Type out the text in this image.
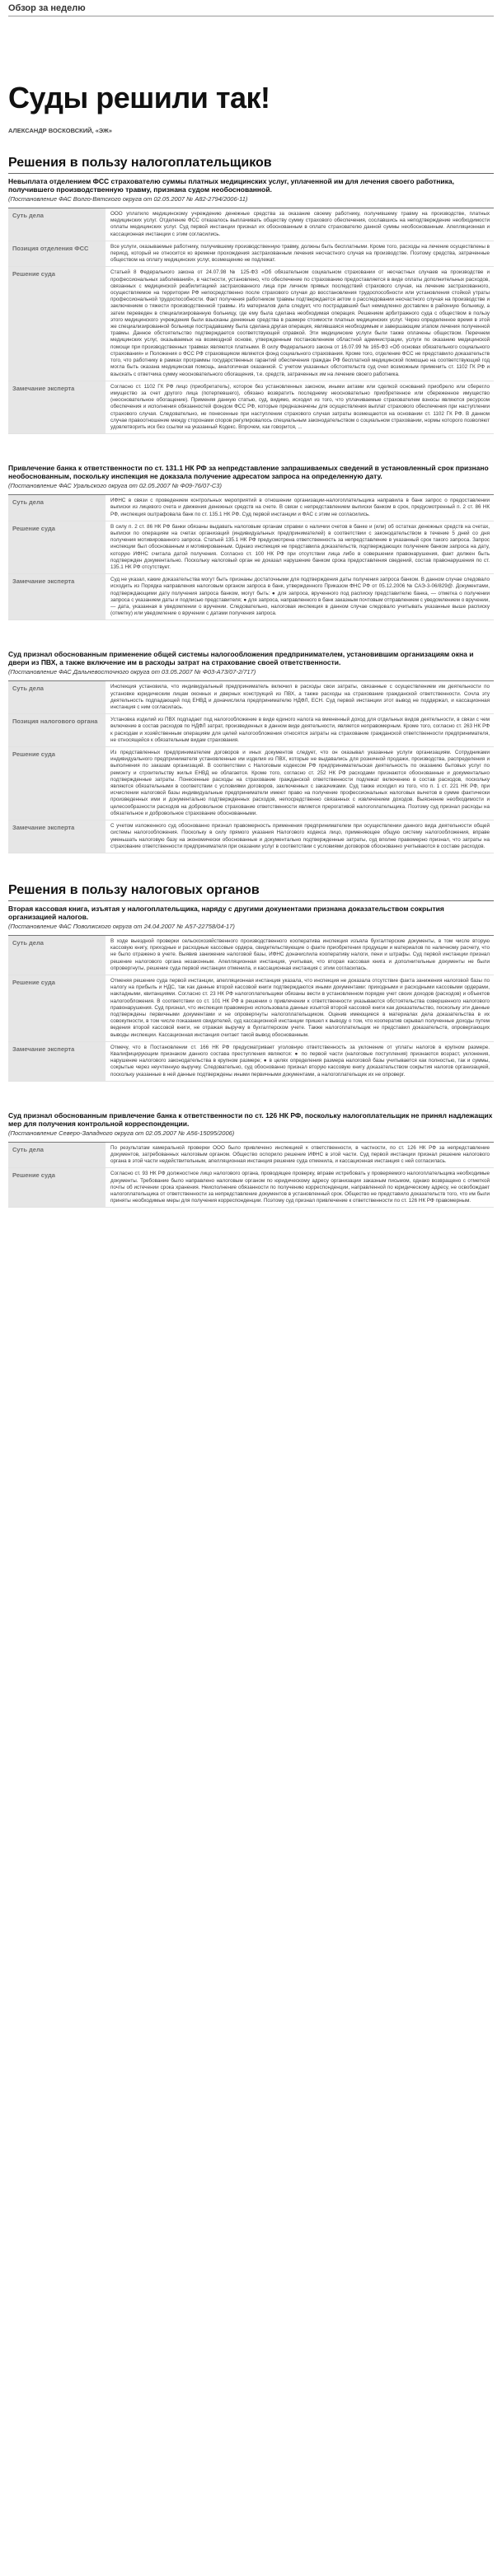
Обзор за неделю
Суды решили так!
АЛЕКСАНДР ВОСКОВСКИЙ, «ЭЖ»
Решения в пользу налогоплательщиков
Невыплата отделением ФСС страхователю суммы платных медицинских услуг, уплаченной им для лечения своего работника, получившего производственную травму, признана судом необоснованной.
(Постановление ФАС Волго-Вятского округа от 02.05.2007 № А82-2794/2006-11)
Суть дела	ООО уплатило медицинскому учреждению денежные средства за оказание своему работнику, получившему травму на производстве, платных медицинских услуг. Отделение ФСС отказалось выплачивать обществу сумму страхового обеспечения, сославшись на неподтверждение необходимости оплаты медицинских услуг. Суд первой инстанции признал их обоснованным в оплате страхователю данной суммы необоснованным. Апелляционная и кассационная инстанции с этим согласились.
Позиция отделения ФСС	Все услуги, оказываемые работнику, получившему производственную травму, должны быть бесплатными. Кроме того, расходы на лечение осуществлены в период, который не относится ко времени прохождения застрахованным лечения несчастного случая на производстве. Поэтому средства, затраченные обществом на оплату медицинских услуг, возмещению не подлежат.
Решение суда	Статьей 8 Федерального закона от 24.07.98 № 125-ФЗ «Об обязательном социальном страховании от несчастных случаев на производстве и профессиональных заболеваний», в частности, установлено, что обеспечение по страхованию предоставляется в виде оплаты дополнительных расходов, связанных с медицинской реабилитацией застрахованного лица при личном прямых последствий страхового случая, на лечение застрахованного, осуществляемое на территории РФ непосредственно после страхового случая до восстановления трудоспособности или установления стойкой утраты профессиональной трудоспособности. Факт получения работником травмы подтверждается актом о расследовании несчастного случая на производстве и заключением о тяжести производственной травмы. Из материалов дела следует, что пострадавший был немедленно доставлен в районную больницу, а затем переведен в специализированную больницу, где ему была сделана необходимая операция. Решением арбитражного суда с обществом в пользу этого медицинского учреждения были взысканы денежные средства в размере стоимости платных медицинских услуг. Через определенное время в этой же специализированной больнице пострадавшему была сделана другая операция, являвшаяся необходимым и завершающим этапом лечения полученной травмы. Данное обстоятельство подтверждается соответствующей справкой. Эти медицинские услуги были также оплачены обществом. Перечнем медицинских услуг, оказываемых на возмездной основе, утвержденным постановлением областной администрации, услуги по оказанию медицинской помощи при производственных травмах являются платными. В силу Федерального закона от 16.07.99 № 165-ФЗ «Об основах обязательного социального страхования» и Положения о ФСС РФ страховщиком являются фонд социального страхования. Кроме того, отделение ФСС не представило доказательств того, что работнику в рамках программы государственных гарантий обеспечения граждан РФ бесплатной медицинской помощью на соответствующий год могла быть оказана медицинская помощь, аналогичная оказанной. С учетом указанных обстоятельств суд счел возможным применить ст. 1102 ГК РФ и взыскать с ответчика сумму неосновательного обогащения, т.е. средств, затраченных им на лечение своего работника.
Замечание эксперта	Согласно ст. 1102 ГК РФ лицо (приобретатель), которое без установленных законом, иными актами или сделкой оснований приобрело или сберегло имущество за счет другого лица (потерпевшего), обязано возвратить последнему неосновательно приобретенное или сбереженное имущество (неосновательное обогащение). Применяя данную статью, суд, видимо, исходил из того, что уплачиваемые страхователем взносы являются ресурсом обеспечения и исполнения обязанностей фондом ФСС РФ, которые предназначены для осуществления выплат страхового обеспечения при наступлении страхового случая. Следовательно, не понесенные при наступлении страхового случая затраты возмещаются на основании ст. 1102 ГК РФ. В данном случае правоотношение между сторонами споров регулировалось специальным законодательством о социальном страховании, нормы которого позволяют удовлетворить иск без ссылки на указанный Кодекс. Впрочем, как говорится, ...
Привлечение банка к ответственности по ст. 131.1 НК РФ за непредставление запрашиваемых сведений в установленный срок признано необоснованным, поскольку инспекция не доказала получение адресатом запроса на определенную дату.
(Постановление ФАС Уральского округа от 02.05.2007 № Ф09-76/07-С3)
Суть дела	ИФНС в связи с проведением контрольных мероприятий в отношении организации-налогоплательщика направила в банк запрос о предоставлении выписки из лицевого счета и движения денежных средств на счете. В связи с непредставлением выписки банком в срок, предусмотренный п. 2 ст. 86 НК РФ, инспекция оштрафовала банк по ст. 135.1 НК РФ. Суд первой инстанции и ФАС с этим не согласились.
Решение суда	В силу п. 2 ст. 86 НК РФ банки обязаны выдавать налоговым органам справки о наличии счетов в банке и (или) об остатках денежных средств на счетах, выписки по операциям на счетах организаций (индивидуальных предпринимателей) в соответствии с законодательством в течение 5 дней со дня получения мотивированного запроса. Статьей 135.1 НК РФ предусмотрена ответственность за непредставление в указанный срок такого запроса. Запрос инспекции был обоснованным и мотивированным. Однако инспекция не представила доказательств, подтверждающих получение банком запроса на дату, которую ИФНС считала датой получения. Согласно ст. 100 НК РФ при отсутствии лица либо в совершении правонарушения, факт должен быть подтвержден документально. Поскольку налоговый орган не доказал нарушение банком срока предоставления сведений, состав правонарушения по ст. 135.1 НК РФ отсутствует.
Замечание эксперта	Суд не указал, какие доказательства могут быть признаны достаточными для подтверждения даты получения запроса банком. В данном случае следовало исходить из Порядка направления налоговым органом запроса в банк, утвержденного Приказом ФНС РФ от 05.12.2006 № САЭ-3-06/829@. Документами, подтверждающими дату получения запроса банком, могут быть: ● для запроса, врученного под расписку представителю банка, — отметка о получении запроса с указанием даты и подписью представителя; ● для запроса, направленного в банк заказным почтовым отправлением с уведомлением о вручении, — дата, указанная в уведомлении о вручении. Следовательно, налоговая инспекция в данном случае следовало учитывать указанные выше расписку (отметку) или уведомление о вручении с датами получения запроса.
Суд признал обоснованным применение общей системы налогообложения предпринимателем, установившим организациям окна и двери из ПВХ, а также включение им в расходы затрат на страхование своей ответственности.
(Постановление ФАС Дальневосточного округа от 03.05.2007 № Ф03-А73/07-2/717)
Суть дела	Инспекция установила, что индивидуальный предприниматель включил в расходы свои затраты, связанные с осуществлением им деятельности по установке юридическим лицам оконных и дверных конструкций из ПВХ, а также расходы на страхование гражданской ответственности. Сочла эту деятельность подпадающей под ЕНВД и доначислила предпринимателю НДФЛ, ЕСН. Суд первой инстанции этот вывод не поддержал, и кассационная инстанция с ним согласилась.
Позиция налогового органа	Установка изделий из ПВХ подпадает под налогообложение в виде единого налога на вмененный доход для отдельных видов деятельности, в связи с чем включение в состав расходов по НДФЛ затрат, произведенных в данном виде деятельности, является неправомерным. Кроме того, согласно ст. 263 НК РФ к расходам и хозяйственным операциям для целей налогообложения относятся затраты на страхование гражданской ответственности предпринимателя, не относящейся к обязательным видам страхования.
Решение суда	Из представленных предпринимателем договоров и иных документов следует, что он оказывал указанные услуги организациям. Сотрудниками индивидуального предпринимателя установленные им изделия из ПВХ, которые не выдавались для розничной продажи, производства, распределения и выполнения по заказам организаций. В соответствии с Налоговым кодексом РФ предпринимательская деятельность по оказанию бытовых услуг по ремонту и строительству жилья ЕНВД не облагается. Кроме того, согласно ст. 252 НК РФ расходами признаются обоснованные и документально подтвержденные затраты. Понесенные расходы на страхование гражданской ответственности подлежат включению в состав расходов, поскольку являются обязательными в соответствии с условиями договоров, заключенных с заказчиками. Суд также исходил из того, что п. 1 ст. 221 НК РФ, при исчислении налоговой базы индивидуальные предприниматели имеют право на получение профессиональных налоговых вычетов в сумме фактически произведенных ими и документально подтвержденных расходов, непосредственно связанных с извлечением доходов. Выяснение необходимости и целесообразности расходов на добровольное страхование ответственности является прерогативой налогоплательщика. Поэтому суд признал расходы на обязательное и добровольное страхование обоснованными.
Замечание эксперта	С учетом изложенного суд обоснованно признал правомерность применения предпринимателем при осуществлении данного вида деятельности общей системы налогообложения. Поскольку в силу прямого указания Налогового кодекса лицо, применяющее общую систему налогообложения, вправе уменьшать налоговую базу на экономически обоснованные и документально подтвержденные затраты, суд вполне правомерно признал, что затраты на страхование ответственности предпринимателя при оказании услуг в соответствии с условиями договоров обоснованно учитываются в составе расходов.
Решения в пользу налоговых органов
Вторая кассовая книга, изъятая у налогоплательщика, наряду с другими документами признана доказательством сокрытия организацией налогов.
(Постановление ФАС Поволжского округа от 24.04.2007 № А57-22758/04-17)
Суть дела	В ходе выездной проверки сельскохозяйственного производственного кооператива инспекция изъяла бухгалтерские документы, в том числе вторую кассовую книгу, приходные и расходные кассовые ордера, свидетельствующие о факте приобретения продукции и материалов по наличному расчету, что не было отражено в учете. Выявив занижение налоговой базы, ИФНС доначислила кооперативу налоги, пени и штрафы. Суд первой инстанции признал решение налогового органа незаконным. Апелляционная инстанция, учитывая, что вторая кассовая книга и дополнительные документы не были опровергнуты, решение суда первой инстанции отменила, и кассационная инстанция с этим согласилась.
Решение суда	Отменяя решение суда первой инстанции, апелляционная инстанция указала, что инспекция не доказала отсутствие факта занижения налоговой базы по налогу на прибыль и НДС, так как данные второй кассовой книги подтверждаются иными документами: приходными и расходными кассовыми ордерами, накладными, квитанциями. Согласно ст. 23 НК РФ налогоплательщики обязаны вести в установленном порядке учет своих доходов (расходов) и объектов налогообложения. В соответствии со ст. 101 НК РФ в решении о привлечении к ответственности указываются обстоятельства совершенного налогового правонарушения. Суд признал, что инспекция правомерно использовала данные изъятой второй кассовой книги как доказательство, поскольку эти данные подтверждены первичными документами и не опровергнуты налогоплательщиком. Оценив имеющиеся в материалах дела доказательства в их совокупности, в том числе показания свидетелей, суд кассационной инстанции пришел к выводу о том, что кооператив скрывал полученные доходы путем ведения второй кассовой книги, не отражая выручку в бухгалтерском учете. Также налогоплательщик не представил доказательств, опровергающих выводы инспекции. Кассационная инстанция считает такой вывод обоснованным.
Замечание эксперта	Отмечу, что в Постановлении ст. 166 НК РФ предусматривает уголовную ответственность за уклонение от уплаты налогов в крупном размере. Квалифицирующим признаком данного состава преступления являются: ● по первой части (налоговые поступления) признаются возраст, уклонения, нарушение налогового законодательства в крупном размере; ● в целях определения размера налоговой базы учитывается как полностью, так и суммы, сокрытые через неучтенную выручку. Следовательно, суд обоснованно признал вторую кассовую книгу доказательством сокрытия налогов организацией, поскольку указанные в ней данные подтверждены иными первичными документами, а налогоплательщик их не опроверг.
Суд признал обоснованным привлечение банка к ответственности по ст. 126 НК РФ, поскольку налогоплательщик не принял надлежащих мер для получения контрольной корреспонденции.
(Постановление Северо-Западного округа от 02.05.2007 № А56-15095/2006)
Суть дела	По результатам камеральной проверки ООО было привлечено инспекцией к ответственности, в частности, по ст. 126 НК РФ за непредставление документов, затребованных налоговым органом. Общество оспорило решение ИФНС в этой части. Суд первой инстанции признал решение налогового органа в этой части недействительным, апелляционная инстанция решение суда отменила, и кассационная инстанция с ней согласилась.
Решение суда	Согласно ст. 93 НК РФ должностное лицо налогового органа, проводящее проверку, вправе истребовать у проверяемого налогоплательщика необходимые документы. Требование было направлено налоговым органом по юридическому адресу организации заказным письмом, однако возвращено с отметкой почты об истечении срока хранения. Неисполнение обязанности по получению корреспонденции, направленной по юридическому адресу, не освобождает налогоплательщика от ответственности за непредставление документов в установленный срок. Общество не представило доказательств того, что им были приняты необходимые меры для получения корреспонденции. Поэтому суд признал привлечение к ответственности по ст. 126 НК РФ правомерным.
